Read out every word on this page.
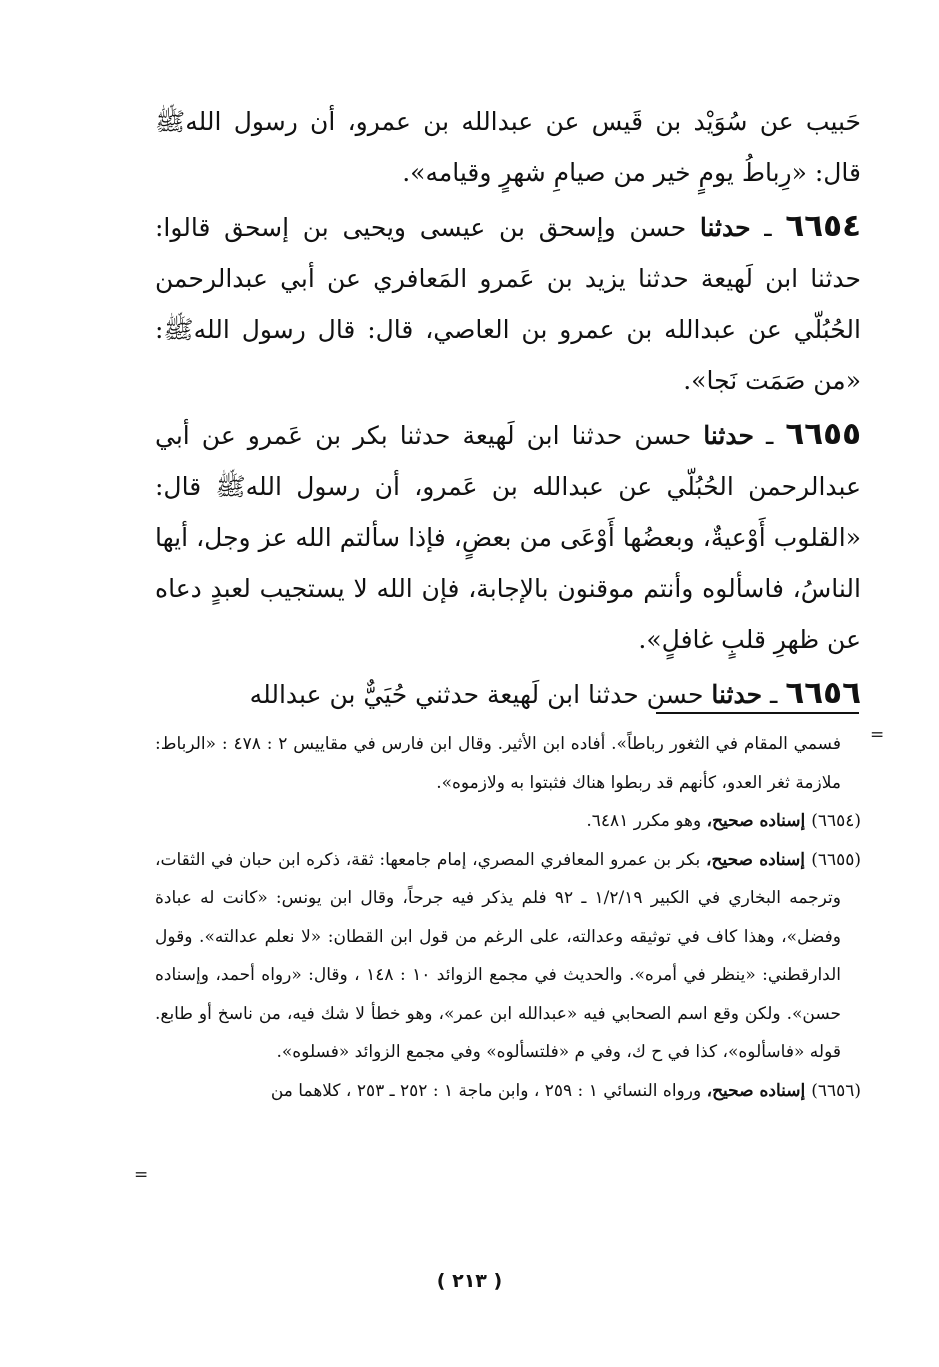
حَبيب عن سُوَيْد بن قَيس عن عبدالله بن عمرو، أن رسول اللهﷺ قال: «رِباطُ يومٍ خير من صيامِ شهرٍ وقيامه».

٦٦٥٤ ـ حدثنا حسن وإسحق بن عيسى ويحيى بن إسحق قالوا: حدثنا ابن لَهيعة حدثنا يزيد بن عَمرو المَعافري عن أبي عبدالرحمن الحُبُلّي عن عبدالله بن عمرو بن العاصي، قال: قال رسول اللهﷺ: «من صَمَت نَجا».

٦٦٥٥ ـ حدثنا حسن حدثنا ابن لَهيعة حدثنا بكر بن عَمرو عن أبي عبدالرحمن الحُبُلّي عن عبدالله بن عَمرو، أن رسول اللهﷺ قال: «القلوب أَوْعيةٌ، وبعضُها أَوْعَى من بعضٍ، فإذا سألتم الله عز وجل، أيها الناسُ، فاسألوه وأنتم موقنون بالإجابة، فإن الله لا يستجيب لعبدٍ دعاه عن ظهرِ قلبٍ غافلٍ».

٦٦٥٦ ـ حدثنا حسن حدثنا ابن لَهيعة حدثني حُيَيٌّ بن عبدالله

=

فسمي المقام في الثغور رباطاً». أفاده ابن الأثير. وقال ابن فارس في مقاييس ٢ : ٤٧٨ : «الرباط: ملازمة ثغر العدو، كأنهم قد ربطوا هناك فثبتوا به ولازموه».

(٦٦٥٤) إسناده صحيح، وهو مكرر ٦٤٨١.

(٦٦٥٥) إسناده صحيح، بكر بن عمرو المعافري المصري، إمام جامعها: ثقة، ذكره ابن حبان في الثقات، وترجمه البخاري في الكبير ١/٢/١٩ ـ ٩٢ فلم يذكر فيه جرحاً، وقال ابن يونس: «كانت له عبادة وفضل»، وهذا كاف في توثيقه وعدالته، على الرغم من قول ابن القطان: «لا نعلم عدالته». وقول الدارقطني: «ينظر في أمره». والحديث في مجمع الزوائد ١٠ : ١٤٨ ، وقال: «رواه أحمد، وإسناده حسن». ولكن وقع اسم الصحابي فيه «عبدالله ابن عمر»، وهو خطأ لا شك فيه، من ناسخ أو طابع. قوله «فاسألوه»، كذا في ح ك، وفي م «فلتسألوه» وفي مجمع الزوائد «فسلوه».

(٦٦٥٦) إسناده صحيح، ورواه النسائي ١ : ٢٥٩ ، وابن ماجة ١ : ٢٥٢ ـ ٢٥٣ ، كلاهما من

=
( ٢١٣ )
